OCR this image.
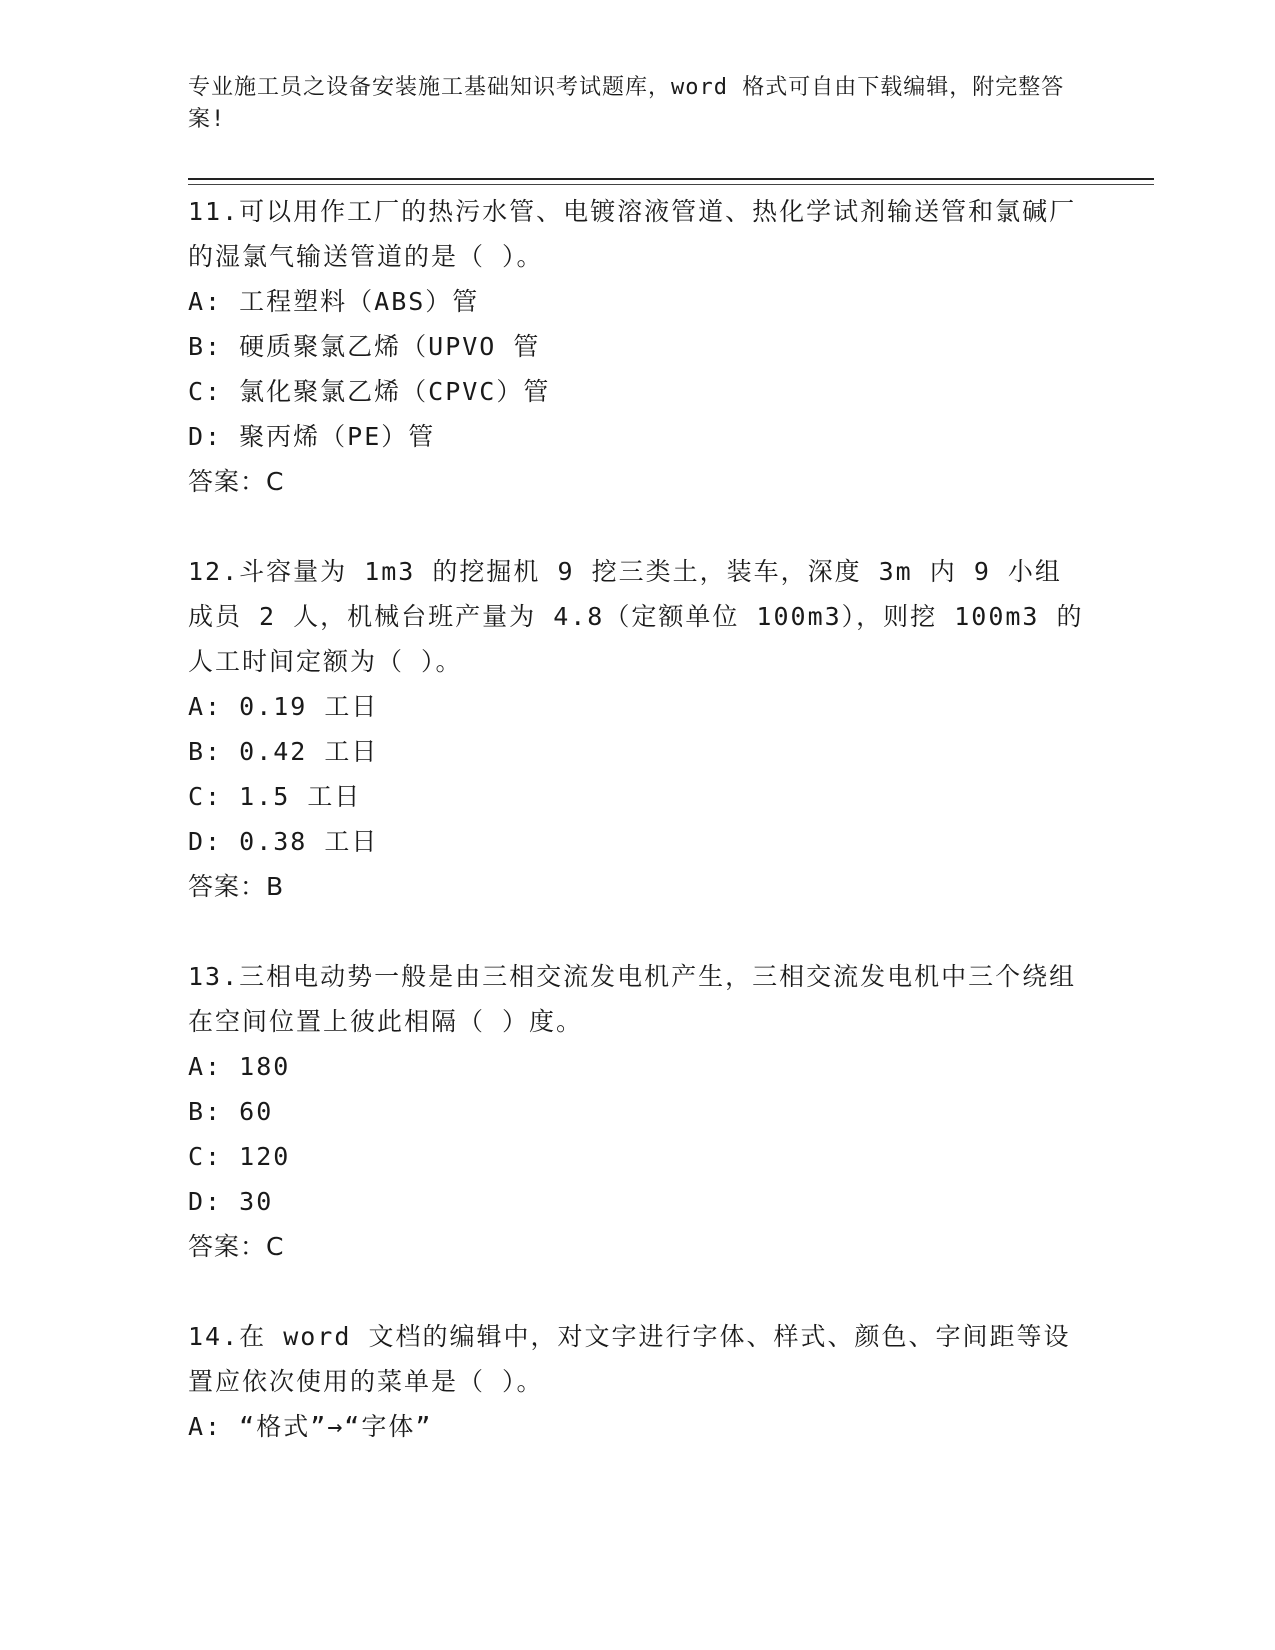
专业施工员之设备安装施工基础知识考试题库，word 格式可自由下载编辑，附完整答案!

11.可以用作工厂的热污水管、电镀溶液管道、热化学试剂输送管和氯碱厂的湿氯气输送管道的是（ ）。

A: 工程塑料（ABS）管
B: 硬质聚氯乙烯（UPVO 管
C: 氯化聚氯乙烯（CPVC）管
D: 聚丙烯（PE）管
答案：C

12.斗容量为 1m3 的挖掘机 9 挖三类土，装车，深度 3m 内 9 小组成员 2 人，机械台班产量为 4.8（定额单位 100m3），则挖 100m3 的人工时间定额为（ ）。

A: 0.19 工日
B: 0.42 工日
C: 1.5 工日
D: 0.38 工日
答案：B

13.三相电动势一般是由三相交流发电机产生，三相交流发电机中三个绕组在空间位置上彼此相隔（ ）度。

A: 180
B: 60
C: 120
D: 30
答案：C

14.在 word 文档的编辑中，对文字进行字体、样式、颜色、字间距等设置应依次使用的菜单是（ ）。

A: “格式”→“字体”
